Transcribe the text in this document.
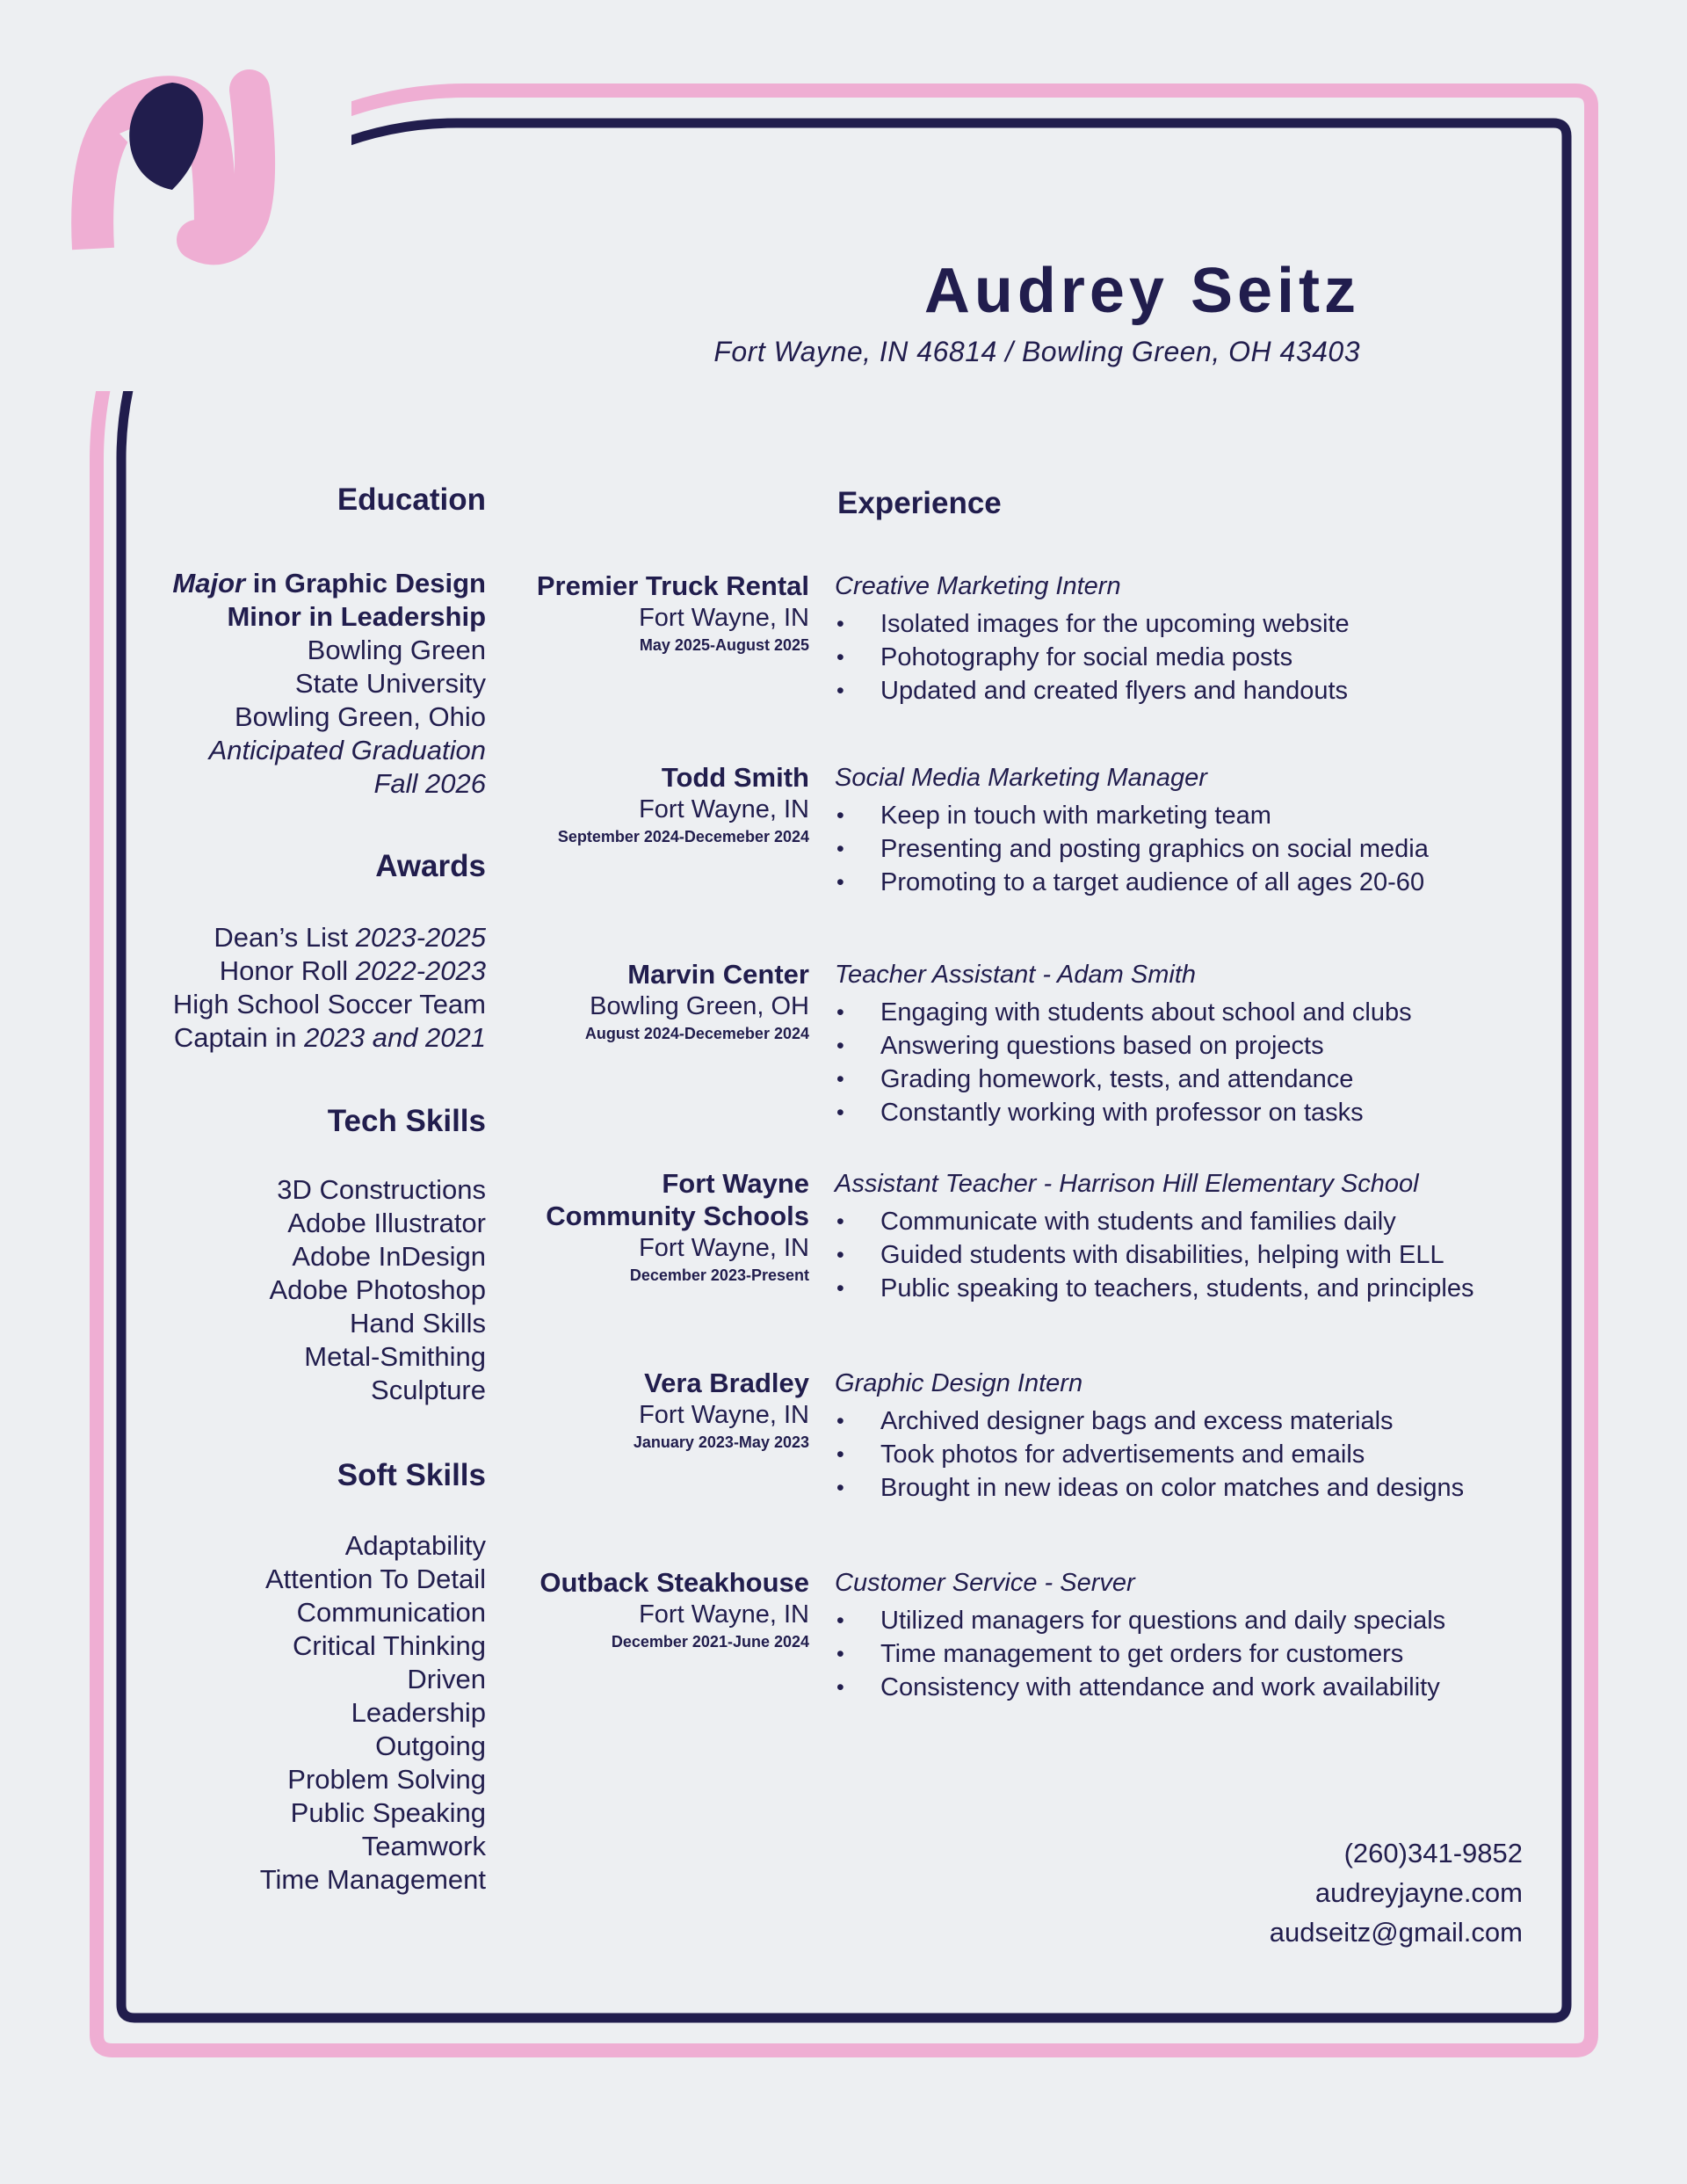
Audrey Seitz
Fort Wayne, IN 46814 / Bowling Green, OH 43403
Education
Major in Graphic Design
Minor in Leadership
Bowling Green
State University
Bowling Green, Ohio
Anticipated Graduation
Fall 2026
Awards
Dean’s List 2023-2025
Honor Roll 2022-2023
High School Soccer Team
Captain in 2023 and 2021
Tech Skills
3D Constructions
Adobe Illustrator
Adobe InDesign
Adobe Photoshop
Hand Skills
Metal-Smithing
Sculpture
Soft Skills
Adaptability
Attention To Detail
Communication
Critical Thinking
Driven
Leadership
Outgoing
Problem Solving
Public Speaking
Teamwork
Time Management
Experience
Premier Truck Rental
Fort Wayne, IN
May 2025-August 2025
Creative Marketing Intern
•	Isolated images for the upcoming website
•	Pohotography for social media posts
•	Updated and created flyers and handouts
Todd Smith
Fort Wayne, IN
September 2024-Decemeber 2024
Social Media Marketing Manager
•	Keep in touch with marketing team
•	Presenting and posting graphics on social media
•	Promoting to a target audience of all ages 20-60
Marvin Center
Bowling Green, OH
August 2024-Decemeber 2024
Teacher Assistant - Adam Smith
•	Engaging with students about school and clubs
•	Answering questions based on projects
•	Grading homework, tests, and attendance
•	Constantly working with professor on tasks
Fort Wayne
Community Schools
Fort Wayne, IN
December 2023-Present
Assistant Teacher - Harrison Hill Elementary School
•	Communicate with students and families daily
•	Guided students with disabilities, helping with ELL
•	Public speaking to teachers, students, and principles
Vera Bradley
Fort Wayne, IN
January 2023-May 2023
Graphic Design Intern
•	Archived designer bags and excess materials
•	Took photos for advertisements and emails
•	Brought in new ideas on color matches and designs
Outback Steakhouse
Fort Wayne, IN
December 2021-June 2024
Customer Service - Server
•	Utilized managers for questions and daily specials
•	Time management to get orders for customers
•	Consistency with attendance and work availability
(260)341-9852
audreyjayne.com
audseitz@gmail.com
